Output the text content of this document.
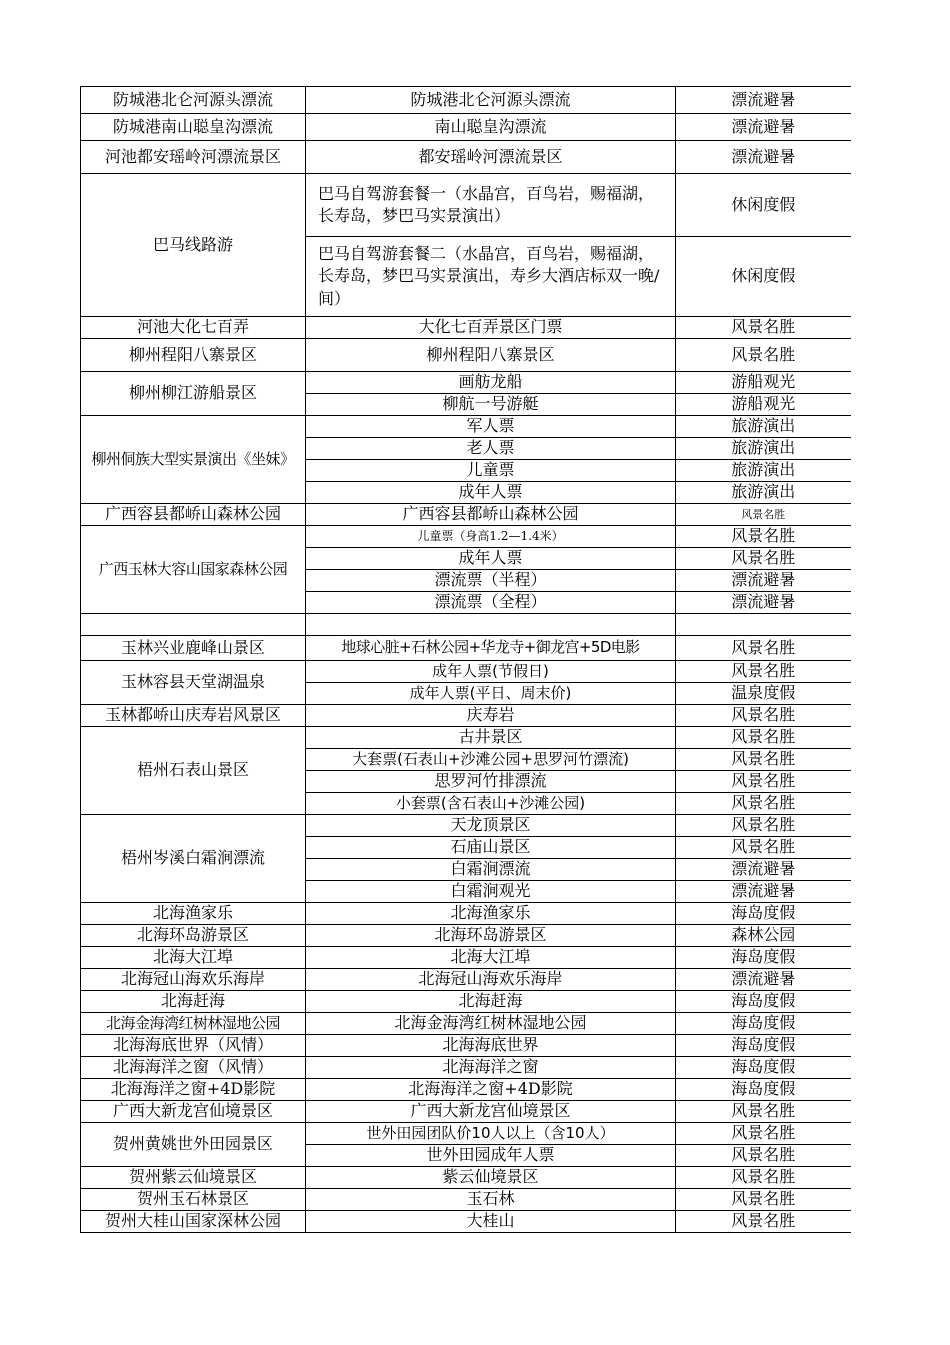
防城港北仑河源头漂流	防城港北仑河源头漂流	漂流避暑
防城港南山聪皇沟漂流	南山聪皇沟漂流	漂流避暑
河池都安瑶岭河漂流景区	都安瑶岭河漂流景区	漂流避暑
巴马线路游	巴马自驾游套餐一（水晶宫，百鸟岩，赐福湖，长寿岛，梦巴马实景演出）	休闲度假
	巴马自驾游套餐二（水晶宫，百鸟岩，赐福湖，长寿岛，梦巴马实景演出，寿乡大酒店标双一晚/间）	休闲度假
河池大化七百弄	大化七百弄景区门票	风景名胜
柳州程阳八寨景区	柳州程阳八寨景区	风景名胜
柳州柳江游船景区	画舫龙船	游船观光
	柳航一号游艇	游船观光
柳州侗族大型实景演出《坐妹》	军人票	旅游演出
	老人票	旅游演出
	儿童票	旅游演出
	成年人票	旅游演出
广西容县都峤山森林公园	广西容县都峤山森林公园	风景名胜
广西玉林大容山国家森林公园	儿童票（身高1.2—1.4米）	风景名胜
	成年人票	风景名胜
	漂流票（半程）	漂流避暑
	漂流票（全程）	漂流避暑

玉林兴业鹿峰山景区	地球心脏+石林公园+华龙寺+御龙宫+5D电影	风景名胜
玉林容县天堂湖温泉	成年人票(节假日)	风景名胜
	成年人票(平日、周末价)	温泉度假
玉林都峤山庆寿岩风景区	庆寿岩	风景名胜
梧州石表山景区	古井景区	风景名胜
	大套票(石表山+沙滩公园+思罗河竹漂流)	风景名胜
	思罗河竹排漂流	风景名胜
	小套票(含石表山+沙滩公园)	风景名胜
梧州岑溪白霜涧漂流	天龙顶景区	风景名胜
	石庙山景区	风景名胜
	白霜涧漂流	漂流避暑
	白霜涧观光	漂流避暑
北海渔家乐	北海渔家乐	海岛度假
北海环岛游景区	北海环岛游景区	森林公园
北海大江埠	北海大江埠	海岛度假
北海冠山海欢乐海岸	北海冠山海欢乐海岸	漂流避暑
北海赶海	北海赶海	海岛度假
北海金海湾红树林湿地公园	北海金海湾红树林湿地公园	海岛度假
北海海底世界（风情）	北海海底世界	海岛度假
北海海洋之窗（风情）	北海海洋之窗	海岛度假
北海海洋之窗+4D影院	北海海洋之窗+4D影院	海岛度假
广西大新龙宫仙境景区	广西大新龙宫仙境景区	风景名胜
贺州黄姚世外田园景区	世外田园团队价10人以上（含10人）	风景名胜
	世外田园成年人票	风景名胜
贺州紫云仙境景区	紫云仙境景区	风景名胜
贺州玉石林景区	玉石林	风景名胜
贺州大桂山国家深林公园	大桂山	风景名胜
